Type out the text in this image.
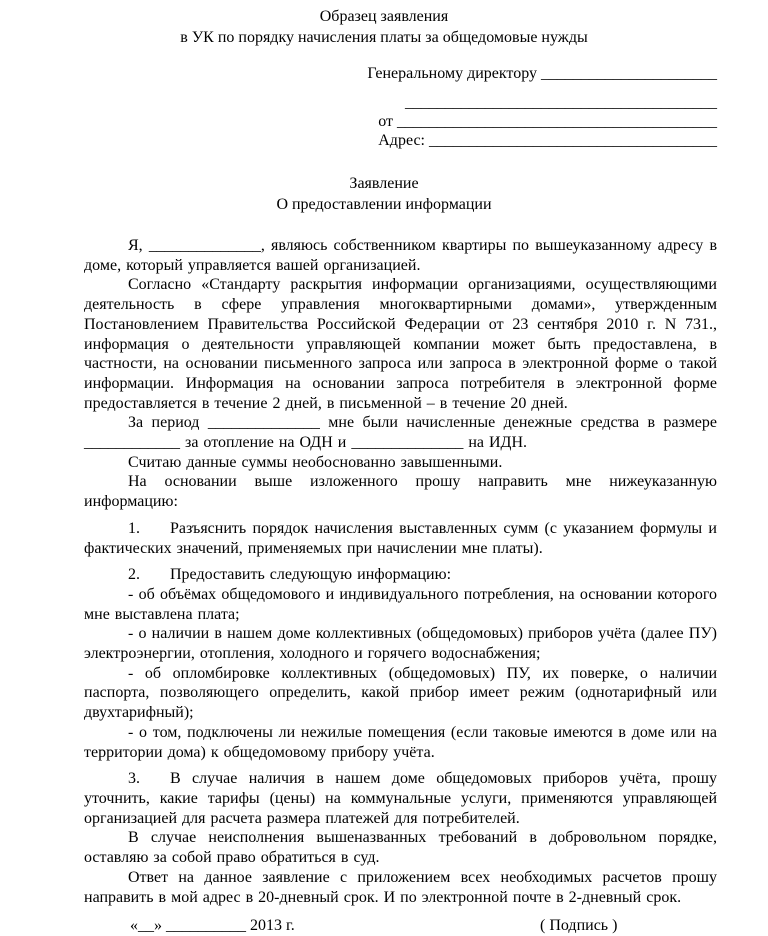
Образец заявления
в УК по порядку начисления платы за общедомовые нужды
Генеральному директору ______________________
_______________________________________
от ________________________________________
Адрес: ____________________________________
Заявление
О предоставлении информации

Я, ______________, являюсь собственником квартиры по вышеуказанному адресу в доме, который управляется вашей организацией.

Согласно «Стандарту раскрытия информации организациями, осуществляющими деятельность в сфере управления многоквартирными домами», утвержденным Постановлением Правительства Российской Федерации от 23 сентября 2010 г. N 731., информация о деятельности управляющей компании может быть предоставлена, в частности, на основании письменного запроса или запроса в электронной форме о такой информации. Информация на основании запроса потребителя в электронной форме предоставляется в течение 2 дней, в письменной – в течение 20 дней.

За период ______________ мне были начисленные денежные средства в размере ____________ за отопление на ОДН и ______________ на ИДН.

Считаю данные суммы необоснованно завышенными.

На основании выше изложенного прошу направить мне нижеуказанную информацию:

1. Разъяснить порядок начисления выставленных сумм (с указанием формулы и фактических значений, применяемых при начислении мне платы).

2. Предоставить следующую информацию:

- об объёмах общедомового и индивидуального потребления, на основании которого мне выставлена плата;

- о наличии в нашем доме коллективных (общедомовых) приборов учёта (далее ПУ) электроэнергии, отопления, холодного и горячего водоснабжения;

- об опломбировке коллективных (общедомовых) ПУ, их поверке, о наличии паспорта, позволяющего определить, какой прибор имеет режим (однотарифный или двухтарифный);

- о том, подключены ли нежилые помещения (если таковые имеются в доме или на территории дома) к общедомовому прибору учёта.

3. В случае наличия в нашем доме общедомовых приборов учёта, прошу уточнить, какие тарифы (цены) на коммунальные услуги, применяются управляющей организацией для расчета размера платежей для потребителей.

В случае неисполнения вышеназванных требований в добровольном порядке, оставляю за собой право обратиться в суд.

Ответ на данное заявление с приложением всех необходимых расчетов прошу направить в мой адрес в 20-дневный срок. И по электронной почте в 2-дневный срок.

«__» __________ 2013 г.	( Подпись )
